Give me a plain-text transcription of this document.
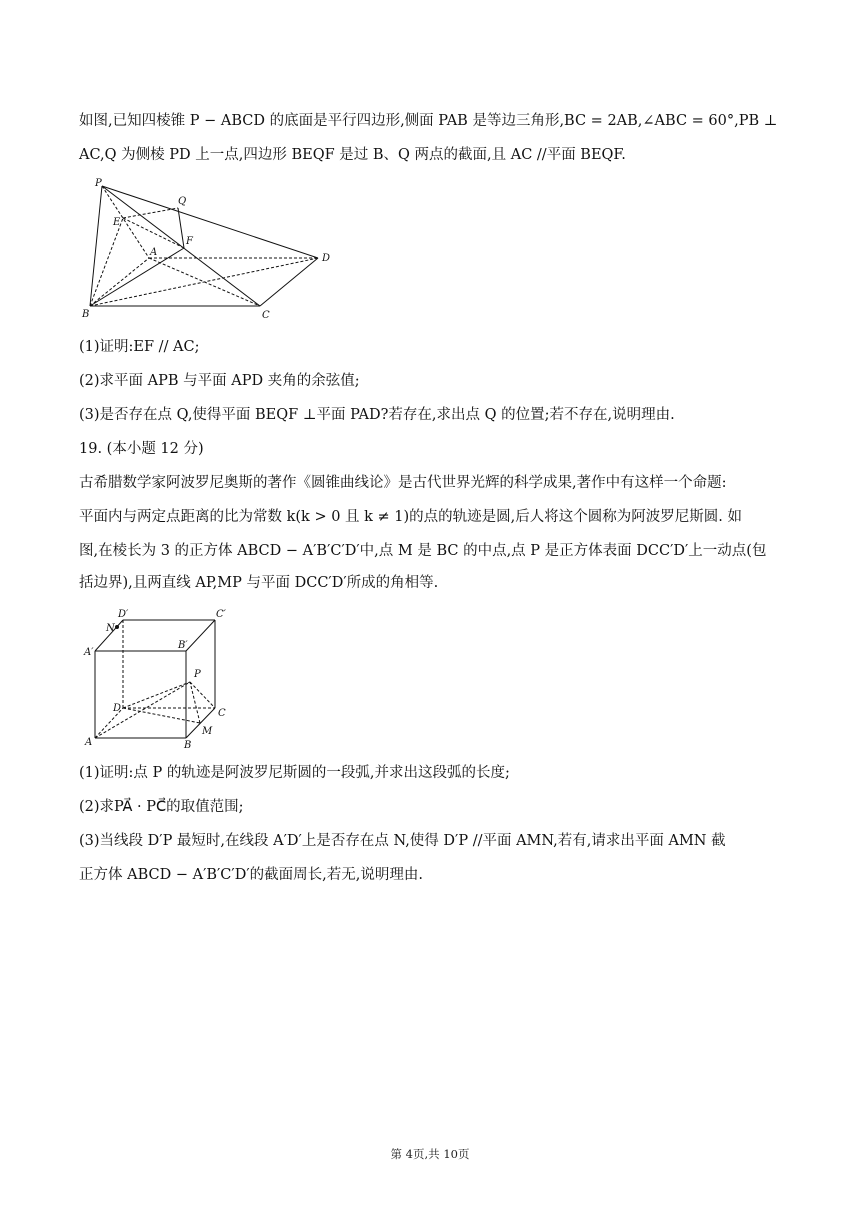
如图,已知四棱锥 P − ABCD 的底面是平行四边形,侧面 PAB 是等边三角形,BC = 2AB,∠ABC = 60°,PB ⊥
AC,Q 为侧棱 PD 上一点,四边形 BEQF 是过 B、Q 两点的截面,且 AC //平面 BEQF.
P
Q
E
A
F
D
B	C
(1)证明:EF // AC;
(2)求平面 APB 与平面 APD 夹角的余弦值;
(3)是否存在点 Q,使得平面 BEQF ⊥平面 PAD?若存在,求出点 Q 的位置;若不存在,说明理由.
19. (本小题 12 分)
古希腊数学家阿波罗尼奥斯的著作《圆锥曲线论》是古代世界光辉的科学成果,著作中有这样一个命题:
平面内与两定点距离的比为常数 k(k > 0 且 k ≠ 1)的点的轨迹是圆,后人将这个圆称为阿波罗尼斯圆. 如
图,在棱长为 3 的正方体 ABCD − A′B′C′D′中,点 M 是 BC 的中点,点 P 是正方体表面 DCC′D′上一动点(包
括边界),且两直线 AP,MP 与平面 DCC′D′所成的角相等.
D′	C′
N
A′
B′
P
D	C
M
A	B
(1)证明:点 P 的轨迹是阿波罗尼斯圆的一段弧,并求出这段弧的长度;
(2)求PA⃗ · PC⃗的取值范围;
(3)当线段 D′P 最短时,在线段 A′D′上是否存在点 N,使得 D′P //平面 AMN,若有,请求出平面 AMN 截
正方体 ABCD − A′B′C′D′的截面周长,若无,说明理由.
第 4页,共 10页
